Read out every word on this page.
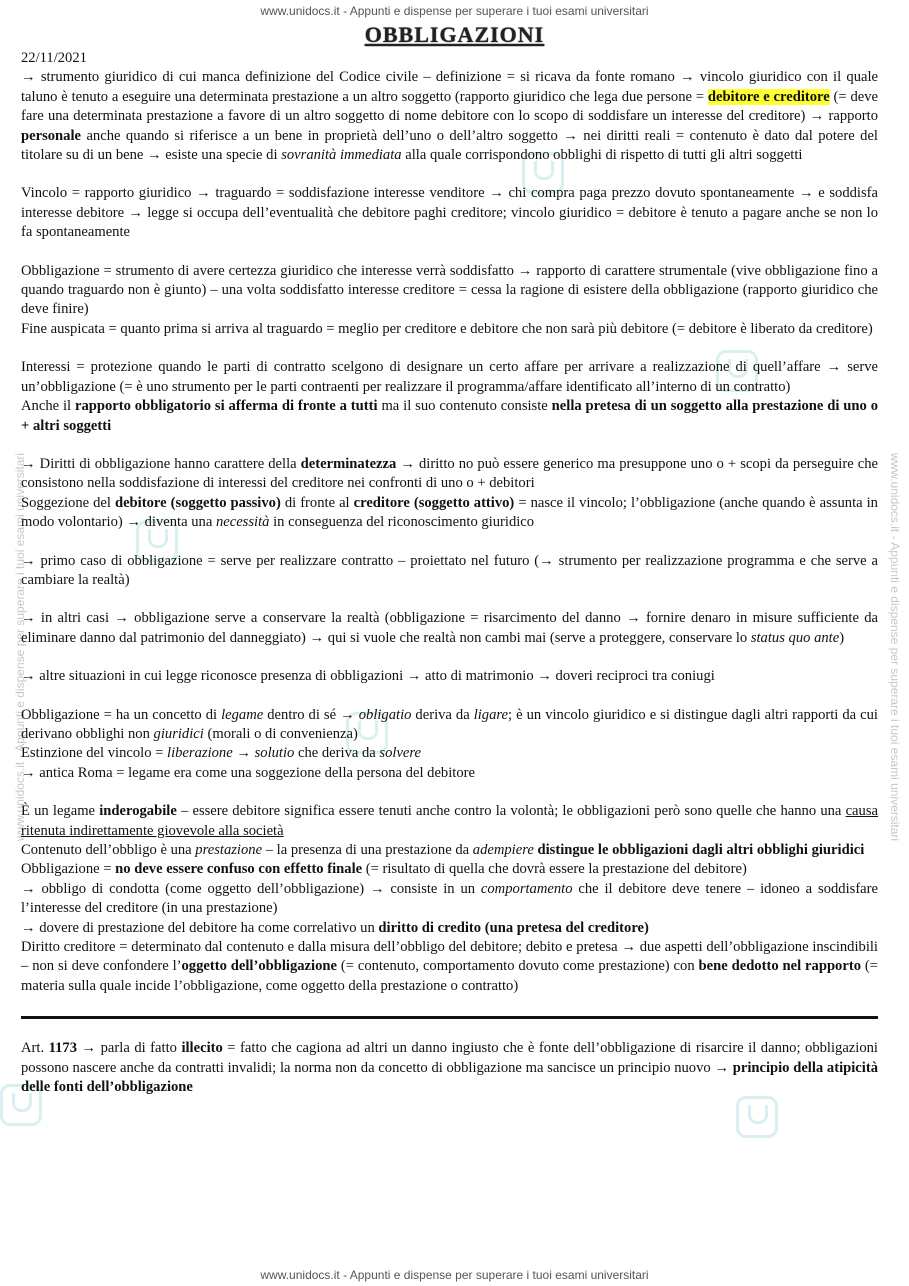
www.unidocs.it - Appunti e dispense per superare i tuoi esami universitari
www.unidocs.it - Appunti e dispense per superare i tuoi esami universitari	www.unidocs.it - Appunti e dispense per superare i tuoi esami universitari
OBBLIGAZIONI

22/11/2021

→ strumento giuridico di cui manca definizione del Codice civile – definizione = si ricava da fonte romano → vincolo giuridico con il quale taluno è tenuto a eseguire una determinata prestazione a un altro soggetto (rapporto giuridico che lega due persone = debitore e creditore (= deve fare una determinata prestazione a favore di un altro soggetto di nome debitore con lo scopo di soddisfare un interesse del creditore) → rapporto personale anche quando si riferisce a un bene in proprietà dell’uno o dell’altro soggetto → nei diritti reali = contenuto è dato dal potere del titolare su di un bene → esiste una specie di sovranità immediata alla quale corrispondono obblighi di rispetto di tutti gli altri soggetti

Vincolo = rapporto giuridico → traguardo = soddisfazione interesse venditore → chi compra paga prezzo dovuto spontaneamente → e soddisfa interesse debitore → legge si occupa dell’eventualità che debitore paghi creditore; vincolo giuridico = debitore è tenuto a pagare anche se non lo fa spontaneamente

Obbligazione = strumento di avere certezza giuridico che interesse verrà soddisfatto → rapporto di carattere strumentale (vive obbligazione fino a quando traguardo non è giunto) – una volta soddisfatto interesse creditore = cessa la ragione di esistere della obbligazione (rapporto giuridico che deve finire)

Fine auspicata = quanto prima si arriva al traguardo = meglio per creditore e debitore che non sarà più debitore (= debitore è liberato da creditore)

Interessi = protezione quando le parti di contratto scelgono di designare un certo affare per arrivare a realizzazione di quell’affare → serve un’obbligazione (= è uno strumento per le parti contraenti per realizzare il programma/affare identificato all’interno di un contratto)

Anche il rapporto obbligatorio si afferma di fronte a tutti ma il suo contenuto consiste nella pretesa di un soggetto alla prestazione di uno o + altri soggetti

→ Diritti di obbligazione hanno carattere della determinatezza → diritto no può essere generico ma presuppone uno o + scopi da perseguire che consistono nella soddisfazione di interessi del creditore nei confronti di uno o + debitori

Soggezione del debitore (soggetto passivo) di fronte al creditore (soggetto attivo) = nasce il vincolo; l’obbligazione (anche quando è assunta in modo volontario) → diventa una necessità in conseguenza del riconoscimento giuridico

→ primo caso di obbligazione = serve per realizzare contratto – proiettato nel futuro (→ strumento per realizzazione programma e che serve a cambiare la realtà)

→ in altri casi → obbligazione serve a conservare la realtà (obbligazione = risarcimento del danno → fornire denaro in misure sufficiente da eliminare danno dal patrimonio del danneggiato) → qui si vuole che realtà non cambi mai (serve a proteggere, conservare lo status quo ante)

→ altre situazioni in cui legge riconosce presenza di obbligazioni → atto di matrimonio → doveri reciproci tra coniugi

Obbligazione = ha un concetto di legame dentro di sé → obligatio deriva da ligare; è un vincolo giuridico e si distingue dagli altri rapporti da cui derivano obblighi non giuridici (morali o di convenienza)

Estinzione del vincolo = liberazione → solutio che deriva da solvere

→ antica Roma = legame era come una soggezione della persona del debitore

È un legame inderogabile – essere debitore significa essere tenuti anche contro la volontà; le obbligazioni però sono quelle che hanno una causa ritenuta indirettamente giovevole alla società

Contenuto dell’obbligo è una prestazione – la presenza di una prestazione da adempiere distingue le obbligazioni dagli altri obblighi giuridici

Obbligazione = no deve essere confuso con effetto finale (= risultato di quella che dovrà essere la prestazione del debitore)

→ obbligo di condotta (come oggetto dell’obbligazione) → consiste in un comportamento che il debitore deve tenere – idoneo a soddisfare l’interesse del creditore (in una prestazione)

→ dovere di prestazione del debitore ha come correlativo un diritto di credito (una pretesa del creditore)

Diritto creditore = determinato dal contenuto e dalla misura dell’obbligo del debitore; debito e pretesa → due aspetti dell’obbligazione inscindibili – non si deve confondere l’oggetto dell’obbligazione (= contenuto, comportamento dovuto come prestazione) con bene dedotto nel rapporto (= materia sulla quale incide l’obbligazione, come oggetto della prestazione o contratto)

Art. 1173 → parla di fatto illecito = fatto che cagiona ad altri un danno ingiusto che è fonte dell’obbligazione di risarcire il danno; obbligazioni possono nascere anche da contratti invalidi; la norma non da concetto di obbligazione ma sancisce un principio nuovo → principio della atipicità delle fonti dell’obbligazione

www.unidocs.it - Appunti e dispense per superare i tuoi esami universitari
